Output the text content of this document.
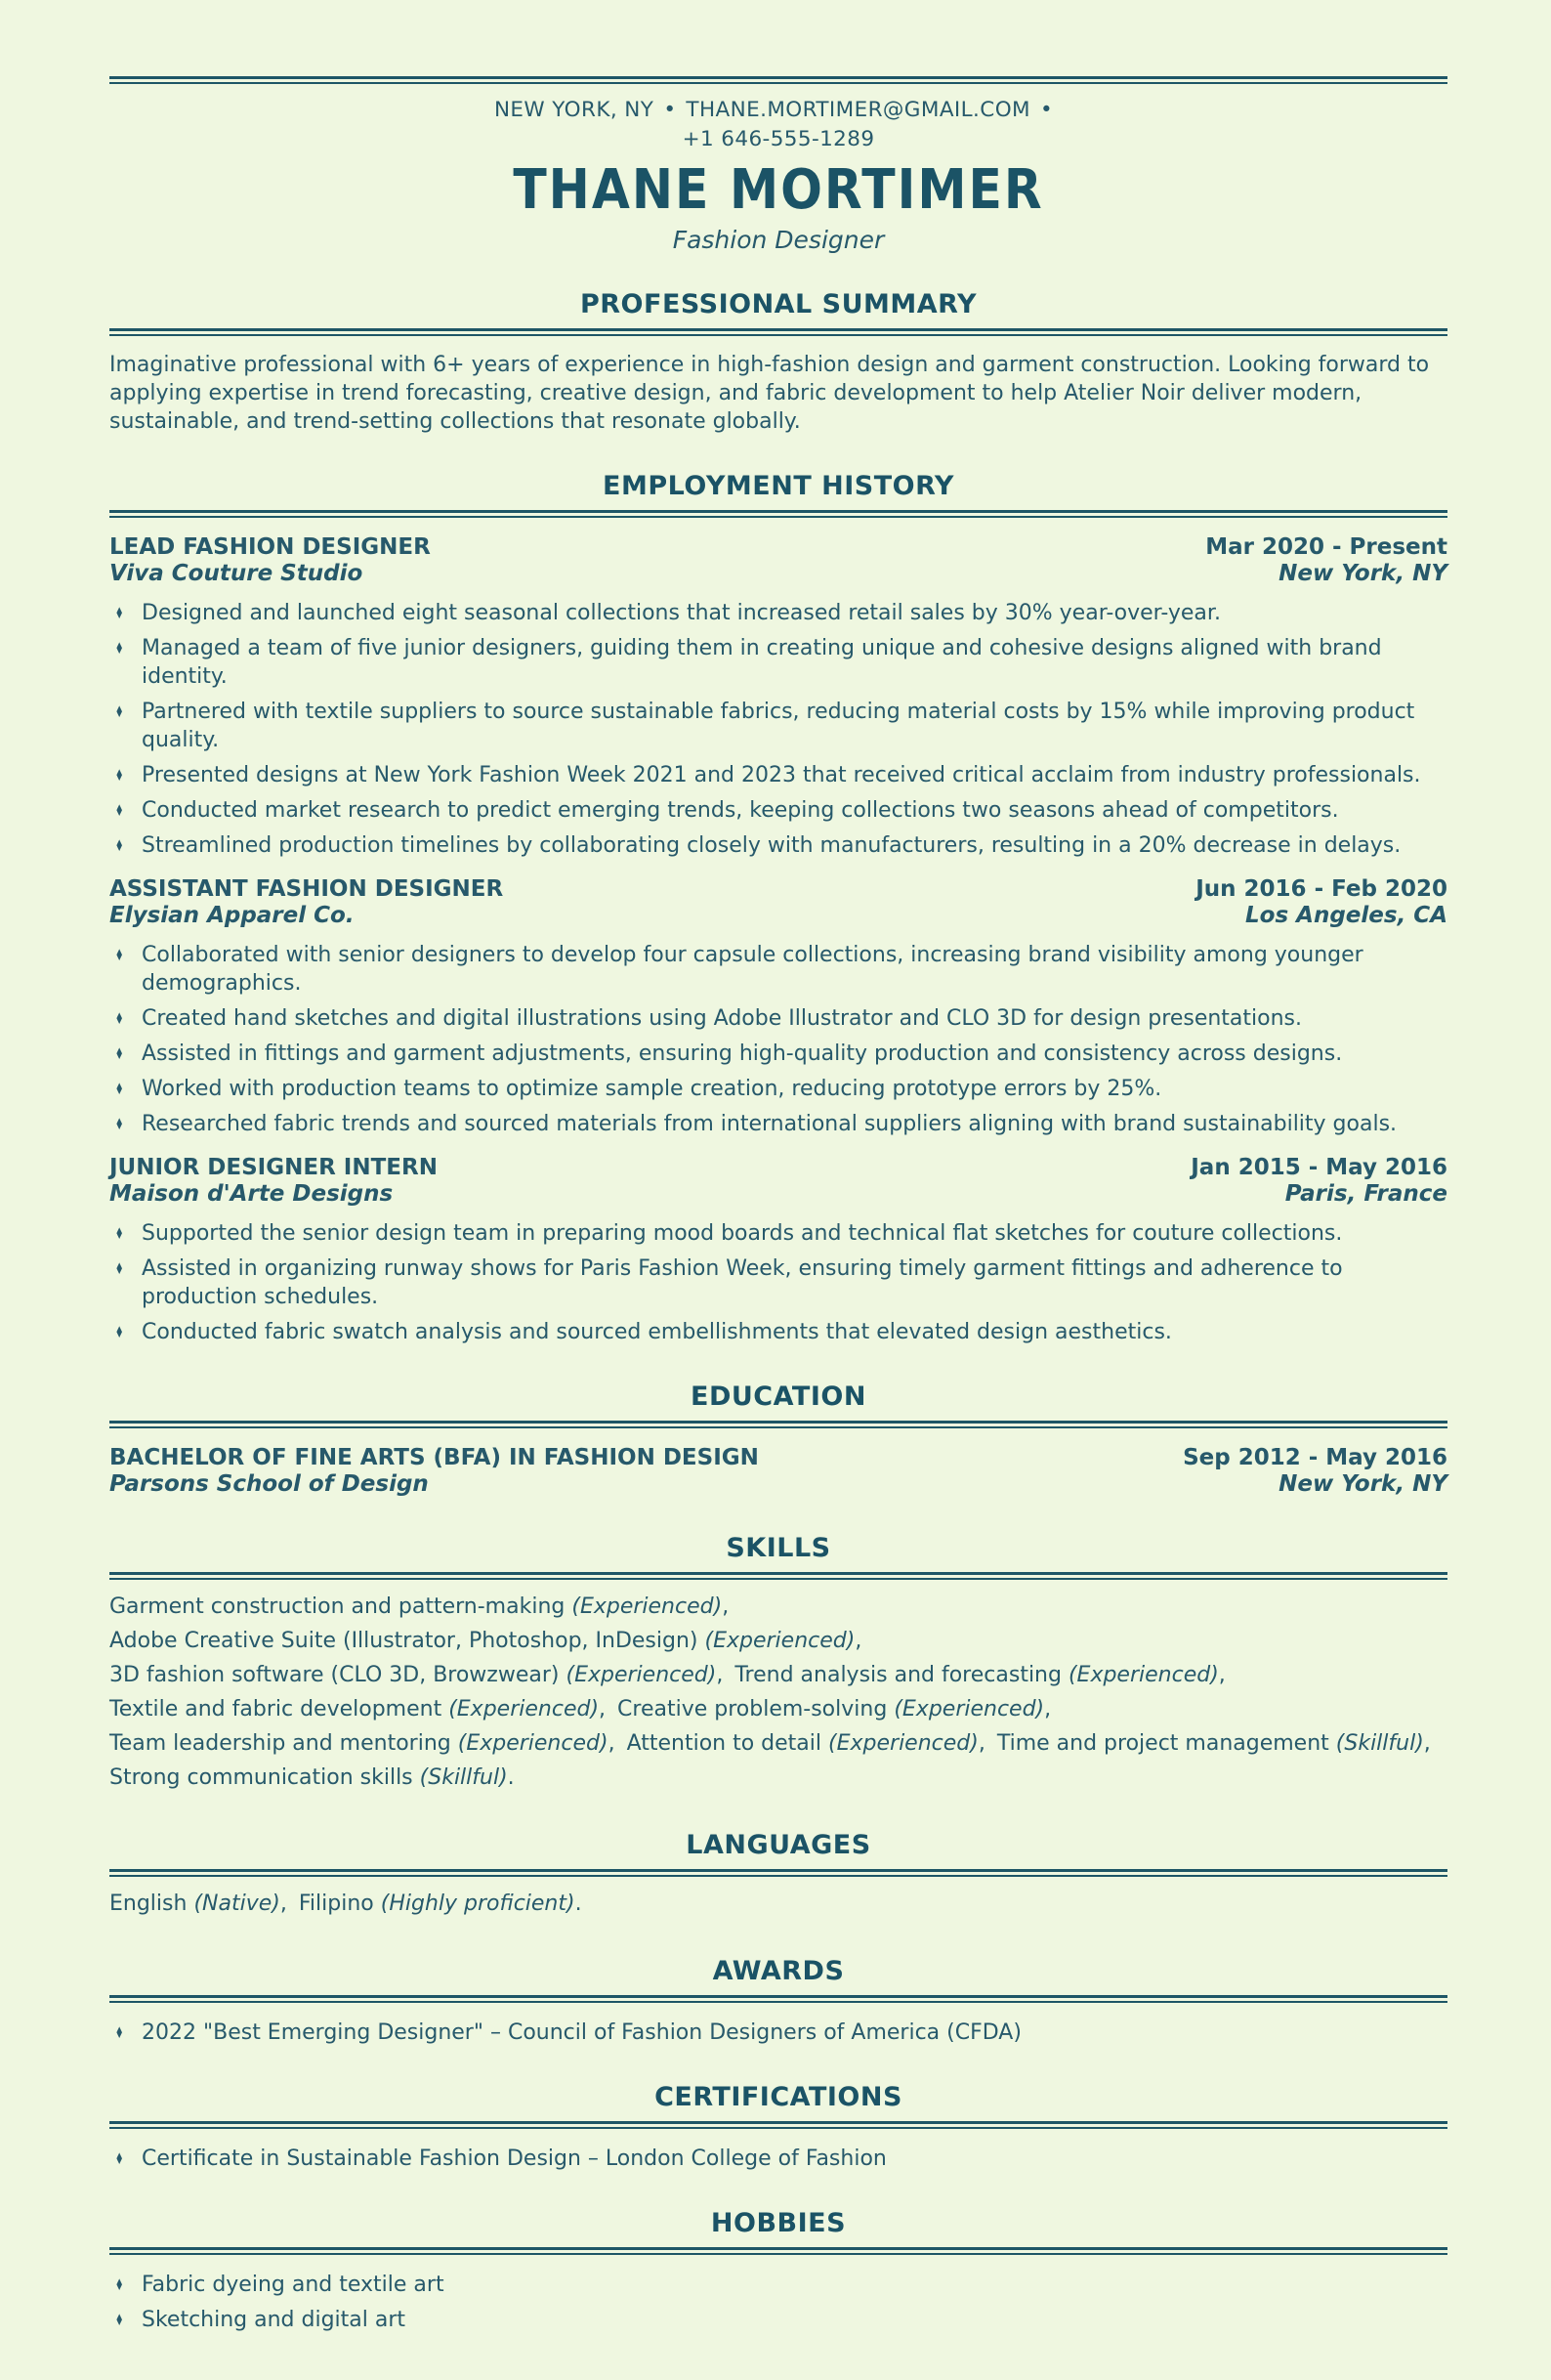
NEW YORK, NY • THANE.MORTIMER@GMAIL.COM •
+1 646-555-1289
THANE MORTIMER
Fashion Designer
PROFESSIONAL SUMMARY

Imaginative professional with 6+ years of experience in high-fashion design and garment construction. Looking forward to applying expertise in trend forecasting, creative design, and fabric development to help Atelier Noir deliver modern, sustainable, and trend-setting collections that resonate globally.

EMPLOYMENT HISTORY
LEAD FASHION DESIGNER	Mar 2020 - Present
Viva Couture Studio	New York, NY
♦ Designed and launched eight seasonal collections that increased retail sales by 30% year-over-year.
♦ Managed a team of five junior designers, guiding them in creating unique and cohesive designs aligned with brand identity.
♦ Partnered with textile suppliers to source sustainable fabrics, reducing material costs by 15% while improving product quality.
♦ Presented designs at New York Fashion Week 2021 and 2023 that received critical acclaim from industry professionals.
♦ Conducted market research to predict emerging trends, keeping collections two seasons ahead of competitors.
♦ Streamlined production timelines by collaborating closely with manufacturers, resulting in a 20% decrease in delays.
ASSISTANT FASHION DESIGNER	Jun 2016 - Feb 2020
Elysian Apparel Co.	Los Angeles, CA
♦ Collaborated with senior designers to develop four capsule collections, increasing brand visibility among younger demographics.
♦ Created hand sketches and digital illustrations using Adobe Illustrator and CLO 3D for design presentations.
♦ Assisted in fittings and garment adjustments, ensuring high-quality production and consistency across designs.
♦ Worked with production teams to optimize sample creation, reducing prototype errors by 25%.
♦ Researched fabric trends and sourced materials from international suppliers aligning with brand sustainability goals.
JUNIOR DESIGNER INTERN	Jan 2015 - May 2016
Maison d'Arte Designs	Paris, France
♦ Supported the senior design team in preparing mood boards and technical flat sketches for couture collections.
♦ Assisted in organizing runway shows for Paris Fashion Week, ensuring timely garment fittings and adherence to production schedules.
♦ Conducted fabric swatch analysis and sourced embellishments that elevated design aesthetics.
EDUCATION
BACHELOR OF FINE ARTS (BFA) IN FASHION DESIGN	Sep 2012 - May 2016
Parsons School of Design	New York, NY
SKILLS
Garment construction and pattern-making (Experienced), Adobe Creative Suite (Illustrator, Photoshop, InDesign) (Experienced), 3D fashion software (CLO 3D, Browzwear) (Experienced), Trend analysis and forecasting (Experienced), Textile and fabric development (Experienced), Creative problem-solving (Experienced), Team leadership and mentoring (Experienced), Attention to detail (Experienced), Time and project management (Skillful), Strong communication skills (Skillful).
LANGUAGES
English (Native), Filipino (Highly proficient).
AWARDS
♦ 2022 "Best Emerging Designer" – Council of Fashion Designers of America (CFDA)
CERTIFICATIONS
♦ Certificate in Sustainable Fashion Design – London College of Fashion
HOBBIES
♦ Fabric dyeing and textile art
♦ Sketching and digital art
